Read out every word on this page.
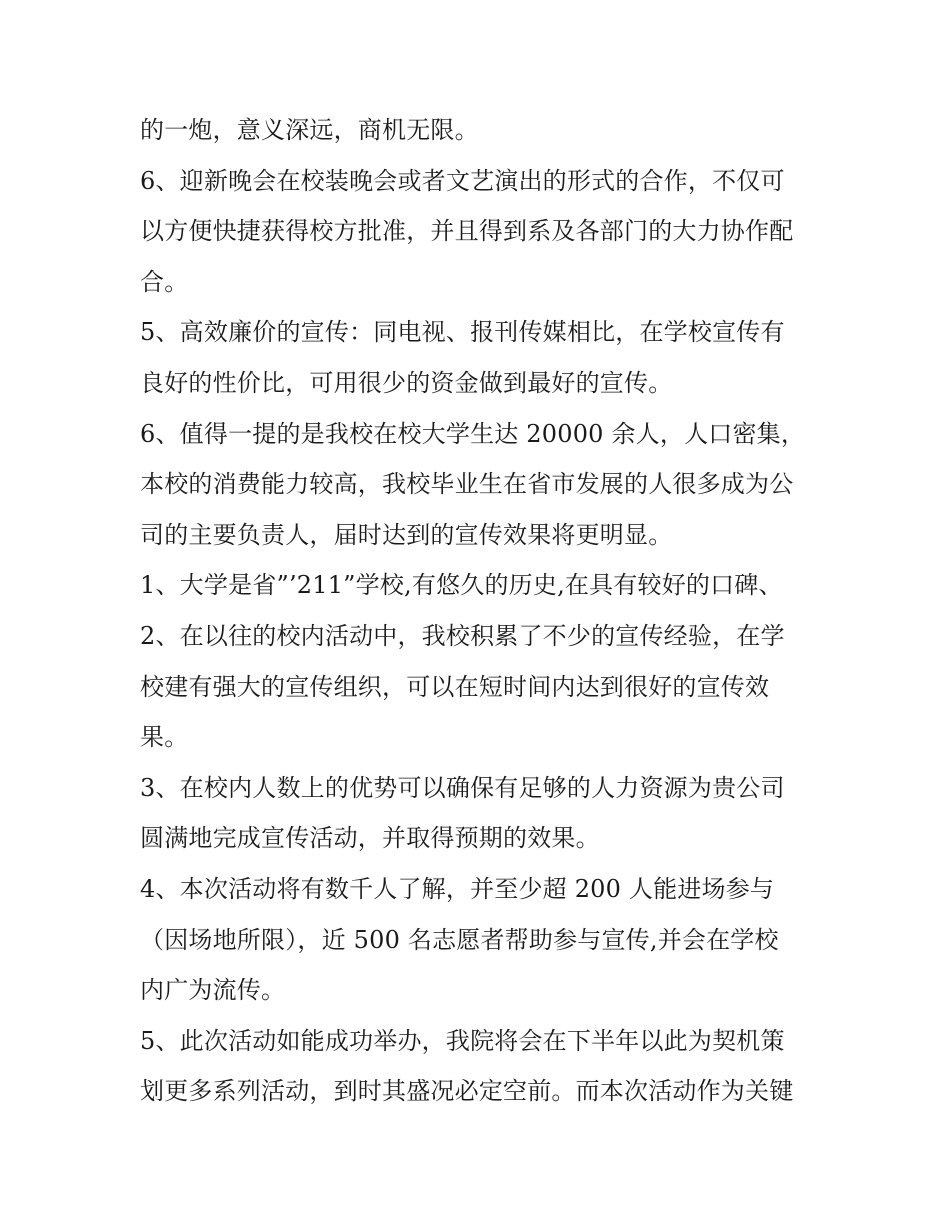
的一炮，意义深远，商机无限。
6、迎新晚会在校装晚会或者文艺演出的形式的合作，不仅可
以方便快捷获得校方批准，并且得到系及各部门的大力协作配
合。
5、高效廉价的宣传：同电视、报刊传媒相比，在学校宣传有
良好的性价比，可用很少的资金做到最好的宣传。
6、值得一提的是我校在校大学生达 20000 余人，人口密集，
本校的消费能力较高，我校毕业生在省市发展的人很多成为公
司的主要负责人，届时达到的宣传效果将更明显。
1、大学是省”’211”学校,有悠久的历史,在具有较好的口碑、
2、在以往的校内活动中，我校积累了不少的宣传经验，在学
校建有强大的宣传组织，可以在短时间内达到很好的宣传效
果。
3、在校内人数上的优势可以确保有足够的人力资源为贵公司
圆满地完成宣传活动，并取得预期的效果。
4、本次活动将有数千人了解，并至少超 200 人能进场参与
（因场地所限），近 500 名志愿者帮助参与宣传,并会在学校
内广为流传。
5、此次活动如能成功举办，我院将会在下半年以此为契机策
划更多系列活动，到时其盛况必定空前。而本次活动作为关键
